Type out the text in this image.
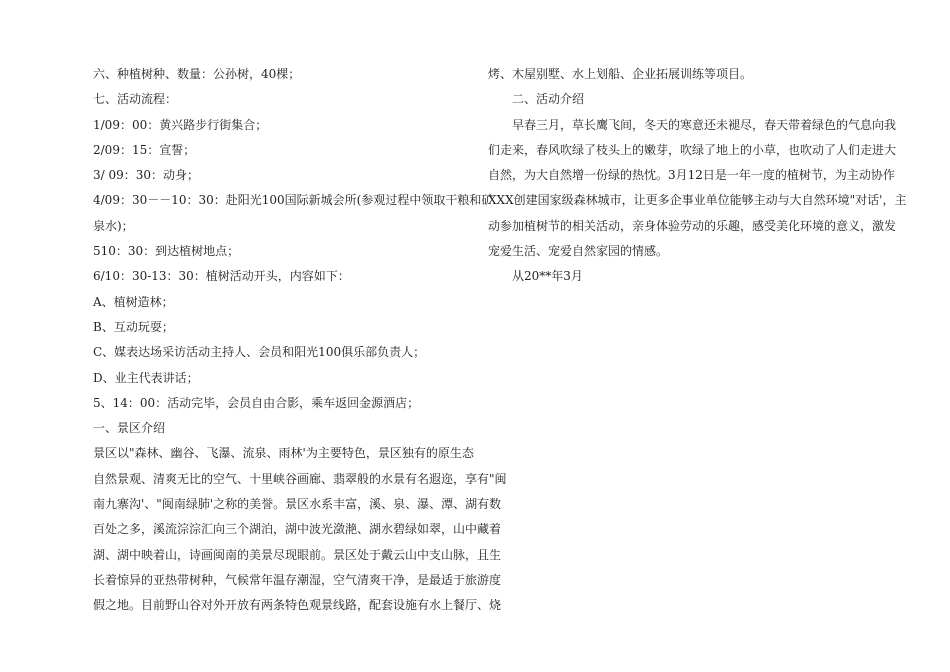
六、种植树种、数量：公孙树，40棵；

七、活动流程：

1/09：00：黄兴路步行街集合；

2/09：15：宣誓；

3/ 09：30：动身；

4/09：30－－10：30：赴阳光100国际新城会所(参观过程中领取干粮和矿

泉水)；

510：30：到达植树地点；

6/10：30-13：30：植树活动开头，内容如下：

A、植树造林；

B、互动玩耍；

C、媒表达场采访活动主持人、会员和阳光100俱乐部负责人；

D、业主代表讲话；

5、14：00：活动完毕，会员自由合影，乘车返回金源酒店；

一、景区介绍

景区以"森林、幽谷、飞瀑、流泉、雨林'为主要特色，景区独有的原生态

自然景观、清爽无比的空气、十里峡谷画廊、翡翠般的水景有名遐迩，享有"闽

南九寨沟'、"闽南绿肺'之称的美誉。景区水系丰富，溪、泉、瀑、潭、湖有数

百处之多，溪流淙淙汇向三个湖泊，湖中波光潋滟、湖水碧绿如翠，山中藏着

湖、湖中映着山，诗画闽南的美景尽现眼前。景区处于戴云山中支山脉，且生

长着惊异的亚热带树种，气候常年温存潮湿，空气清爽干净，是最适于旅游度

假之地。目前野山谷对外开放有两条特色观景线路，配套设施有水上餐厅、烧

烤、木屋别墅、水上划船、企业拓展训练等项目。

二、活动介绍

早春三月，草长鹰飞间，冬天的寒意还未褪尽，春天带着绿色的气息向我

们走来，春风吹绿了枝头上的嫩芽，吹绿了地上的小草，也吹动了人们走进大

自然，为大自然增一份绿的热忱。3月12日是一年一度的植树节，为主动协作

XXX创建国家级森林城市，让更多企事业单位能够主动与大自然环境"对话'，主

动参加植树节的相关活动，亲身体验劳动的乐趣，感受美化环境的意义，激发

宠爱生活、宠爱自然家园的情感。

从20**年3月
